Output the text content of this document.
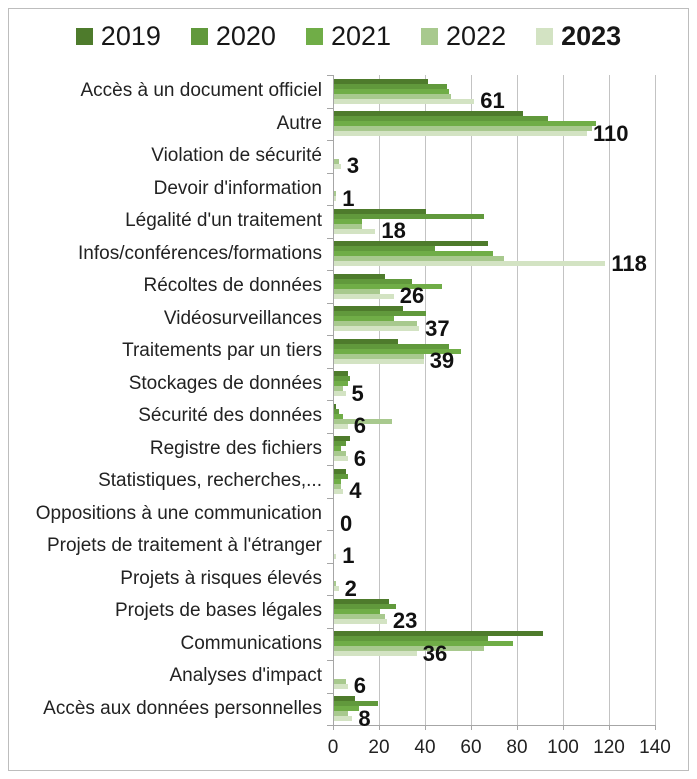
2019 2020 2021 2022 2023
Accès à un document officiel
Autre
Violation de sécurité
Devoir d'information
Légalité d'un traitement
Infos/conférences/formations
Récoltes de données
Vidéosurveillances
Traitements par un tiers
Stockages de données
Sécurité des données
Registre des fichiers
Statistiques, recherches,...
Oppositions à une communication
Projets de traitement à l'étranger
Projets à risques élevés
Projets de bases légales
Communications
Analyses d'impact
Accès aux données personnelles
61
110
3
1
18
118
26
37
39
5
6
6
4
0
1
2
23
36
6
8
0 20 40 60 80 100 120 140
